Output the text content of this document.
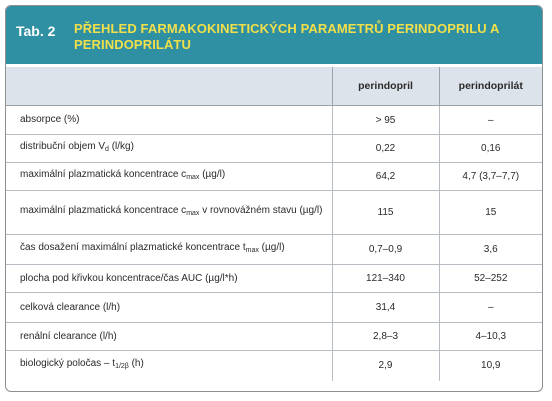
Tab. 2 PŘEHLED FARMAKOKINETICKÝCH PARAMETRŮ PERINDOPRILU A PERINDOPRILÁTU
	perindopril	perindoprilát
absorpce (%)	> 95	–
distribuční objem $V_d$ (l/kg)	0,22	0,16
maximální plazmatická koncentrace $c_{max}$ (µg/l)	64,2	4,7 (3,7–7,7)
maximální plazmatická koncentrace $c_{max}$ v rovnovážném stavu (µg/l)	115	15
čas dosažení maximální plazmatické koncentrace $t_{max}$ (µg/l)	0,7–0,9	3,6
plocha pod křivkou koncentrace/čas AUC (µg/l*h)	121–340	52–252
celková clearance (l/h)	31,4	–
renální clearance (l/h)	2,8–3	4–10,3
biologický poločas – $t_{1/2\beta}$ (h)	2,9	10,9
